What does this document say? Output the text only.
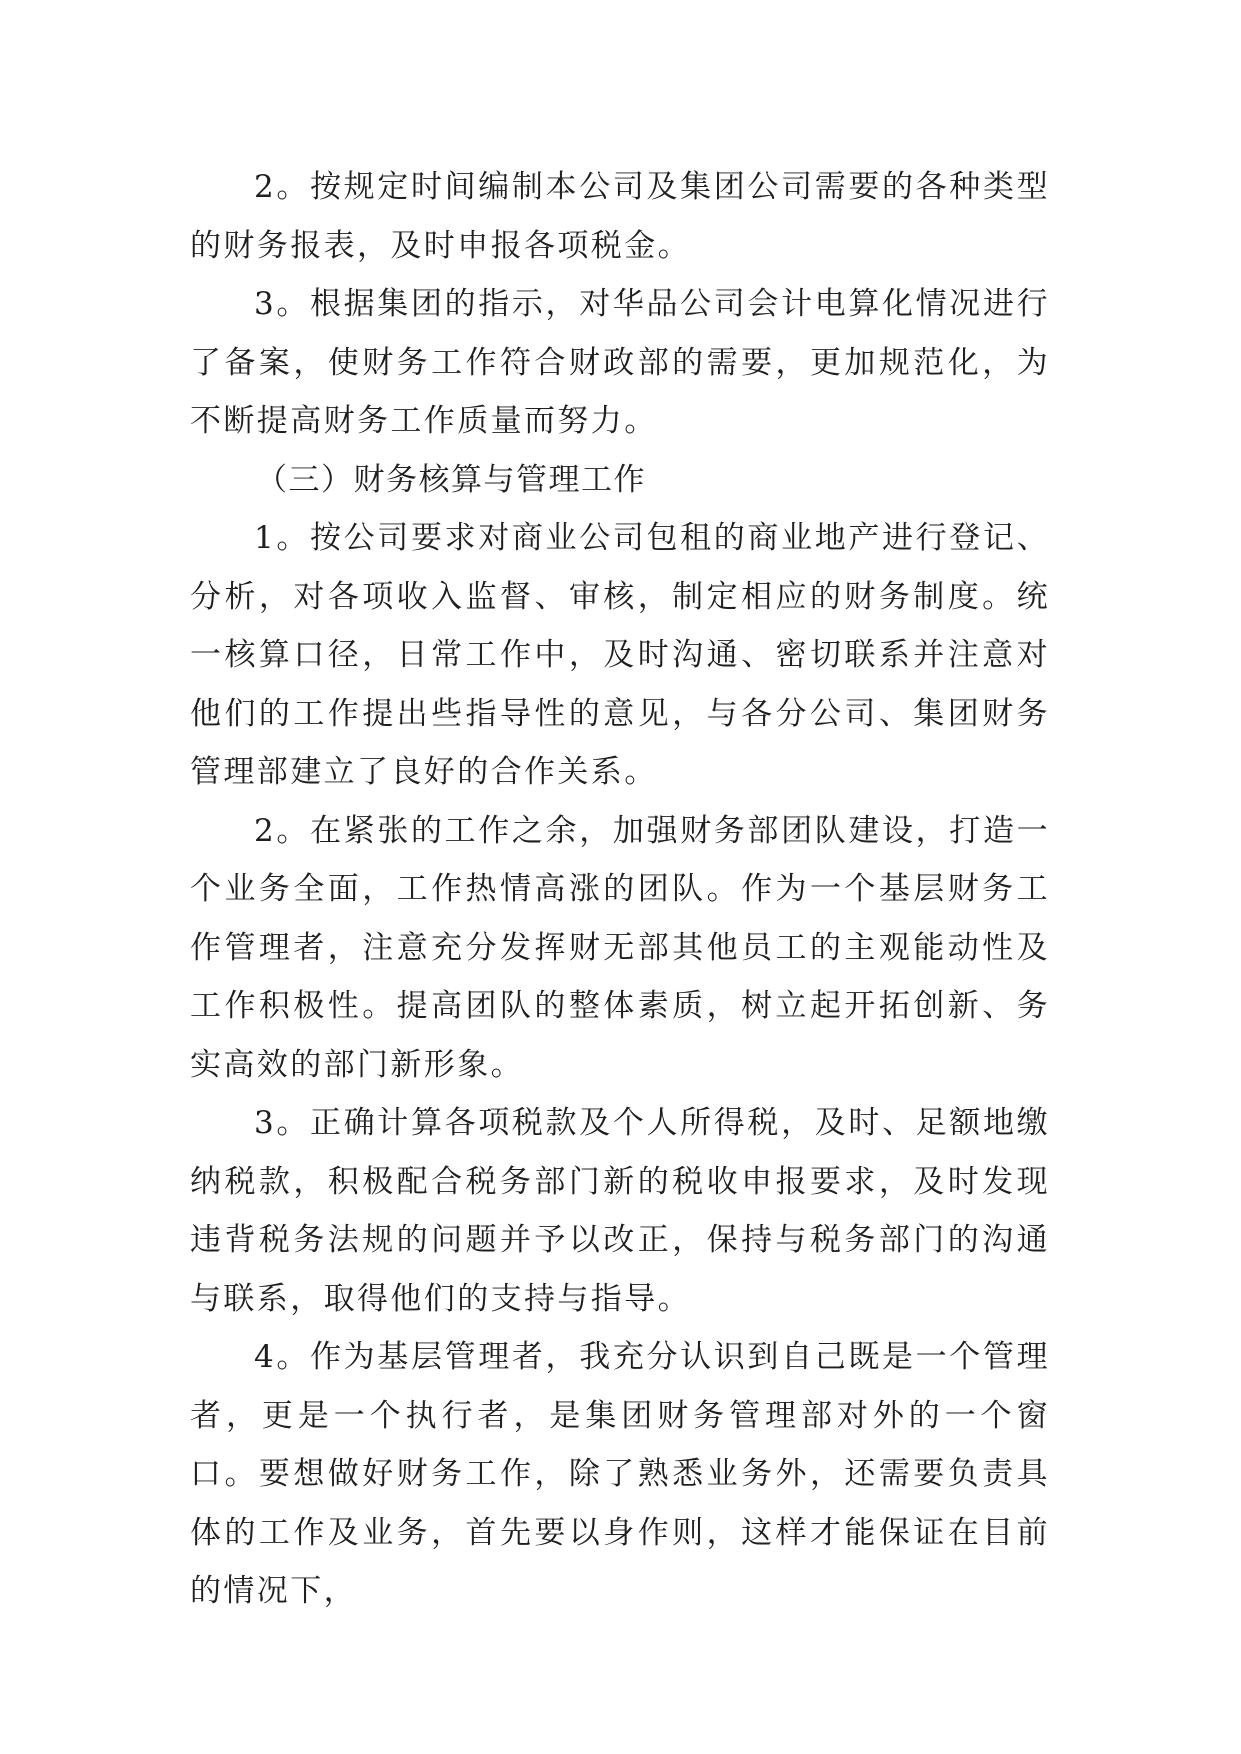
2。按规定时间编制本公司及集团公司需要的各种类型的财务报表，及时申报各项税金。

3。根据集团的指示，对华品公司会计电算化情况进行了备案，使财务工作符合财政部的需要，更加规范化，为不断提高财务工作质量而努力。

（三）财务核算与管理工作

1。按公司要求对商业公司包租的商业地产进行登记、分析，对各项收入监督、审核，制定相应的财务制度。统一核算口径，日常工作中，及时沟通、密切联系并注意对他们的工作提出些指导性的意见，与各分公司、集团财务管理部建立了良好的合作关系。

2。在紧张的工作之余，加强财务部团队建设，打造一个业务全面，工作热情高涨的团队。作为一个基层财务工作管理者，注意充分发挥财无部其他员工的主观能动性及工作积极性。提高团队的整体素质，树立起开拓创新、务实高效的部门新形象。

3。正确计算各项税款及个人所得税，及时、足额地缴纳税款，积极配合税务部门新的税收申报要求，及时发现违背税务法规的问题并予以改正，保持与税务部门的沟通与联系，取得他们的支持与指导。

4。作为基层管理者，我充分认识到自己既是一个管理者，更是一个执行者，是集团财务管理部对外的一个窗口。要想做好财务工作，除了熟悉业务外，还需要负责具体的工作及业务，首先要以身作则，这样才能保证在目前的情况下，
